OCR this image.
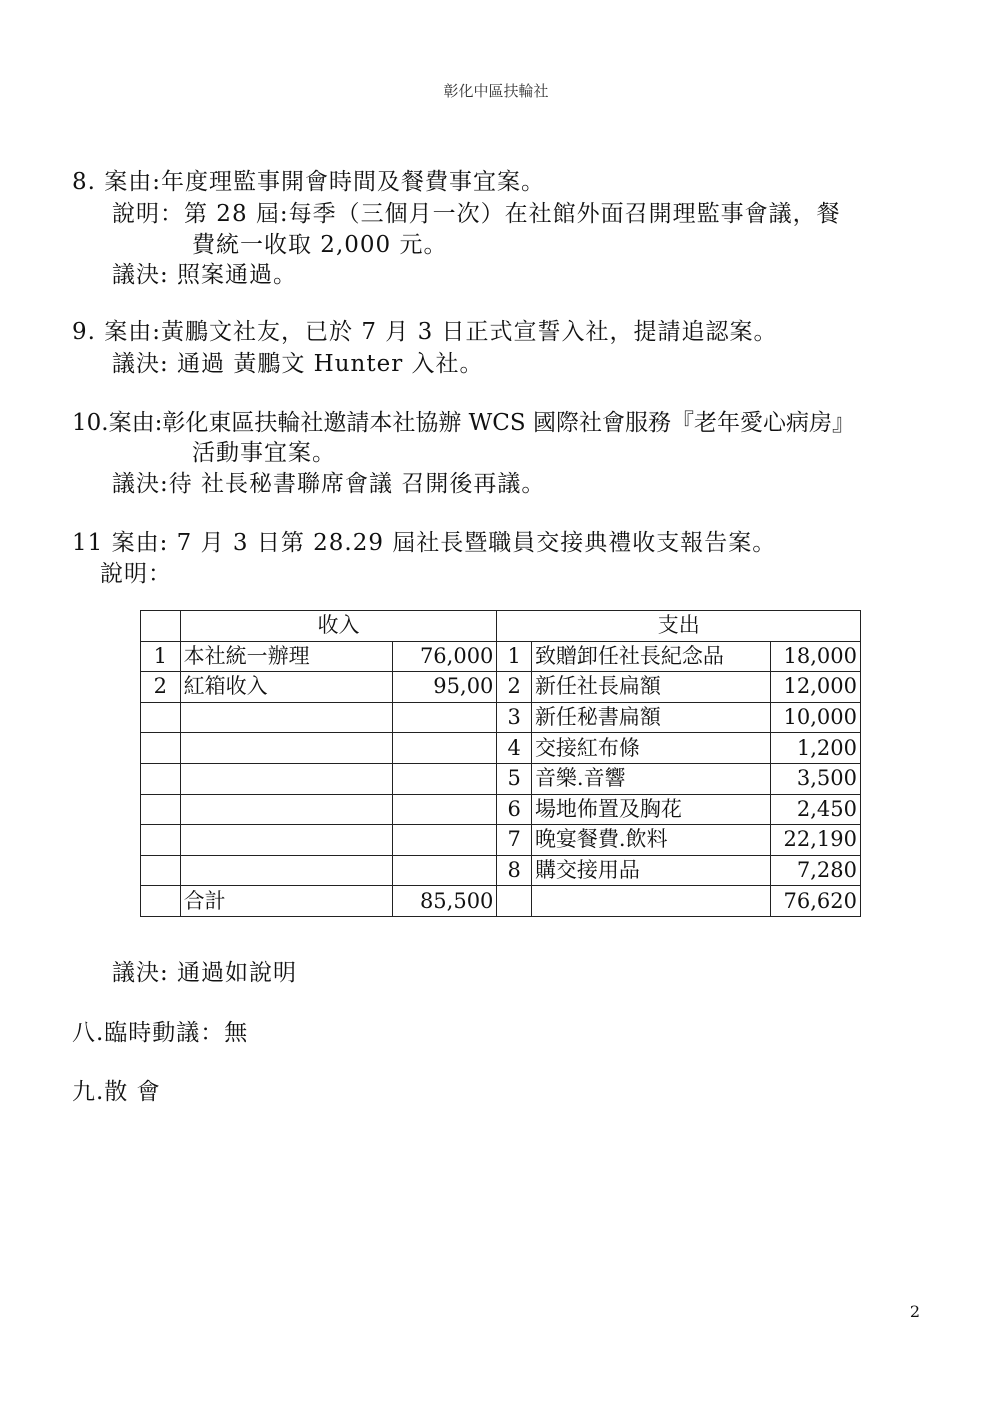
彰化中區扶輪社
8. 案由:年度理監事開會時間及餐費事宜案。
說明：第 28 屆:每季（三個月一次）在社館外面召開理監事會議，餐
費統一收取 2,000 元。
議決: 照案通過。
9. 案由:黃鵬文社友，已於 7 月 3 日正式宣誓入社，提請追認案。
議決: 通過 黃鵬文 Hunter 入社。
10.案由:彰化東區扶輪社邀請本社協辦 WCS 國際社會服務『老年愛心病房』
活動事宜案。
議決:待 社長秘書聯席會議 召開後再議。
11 案由: 7 月 3 日第 28.29 屆社長暨職員交接典禮收支報告案。
說明：
	收入		支出		
1	本社統一辦理	76,000	1	致贈卸任社長紀念品	18,000
2	紅箱收入	95,00	2	新任社長扁額	12,000
			3	新任秘書扁額	10,000
			4	交接紅布條	1,200
			5	音樂.音響	3,500
			6	場地佈置及胸花	2,450
			7	晚宴餐費.飲料	22,190
			8	購交接用品	7,280
	合計	85,500			76,620
議決: 通過如說明
八.臨時動議：無
九.散 會
2
